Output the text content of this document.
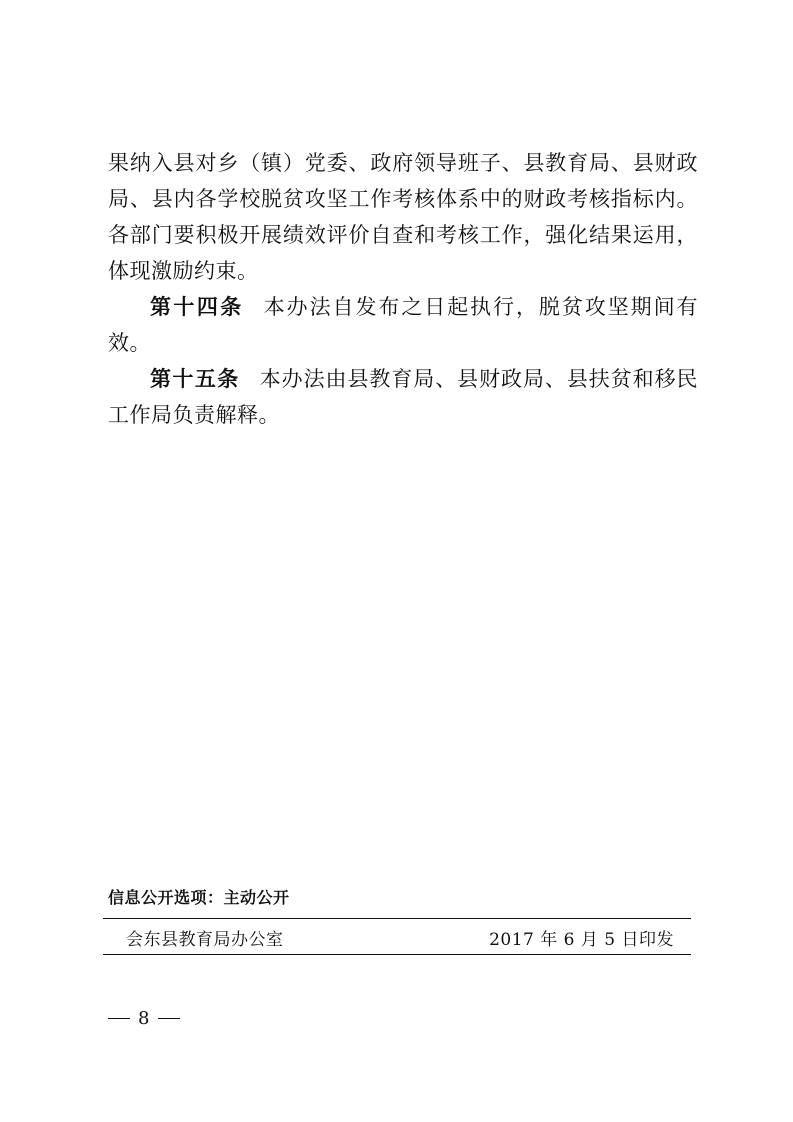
果纳入县对乡（镇）党委、政府领导班子、县教育局、县财政局、县内各学校脱贫攻坚工作考核体系中的财政考核指标内。各部门要积极开展绩效评价自查和考核工作，强化结果运用，体现激励约束。

第十四条 本办法自发布之日起执行，脱贫攻坚期间有效。

第十五条 本办法由县教育局、县财政局、县扶贫和移民工作局负责解释。

信息公开选项：主动公开
会东县教育局办公室	2017 年 6 月 5 日印发
8
